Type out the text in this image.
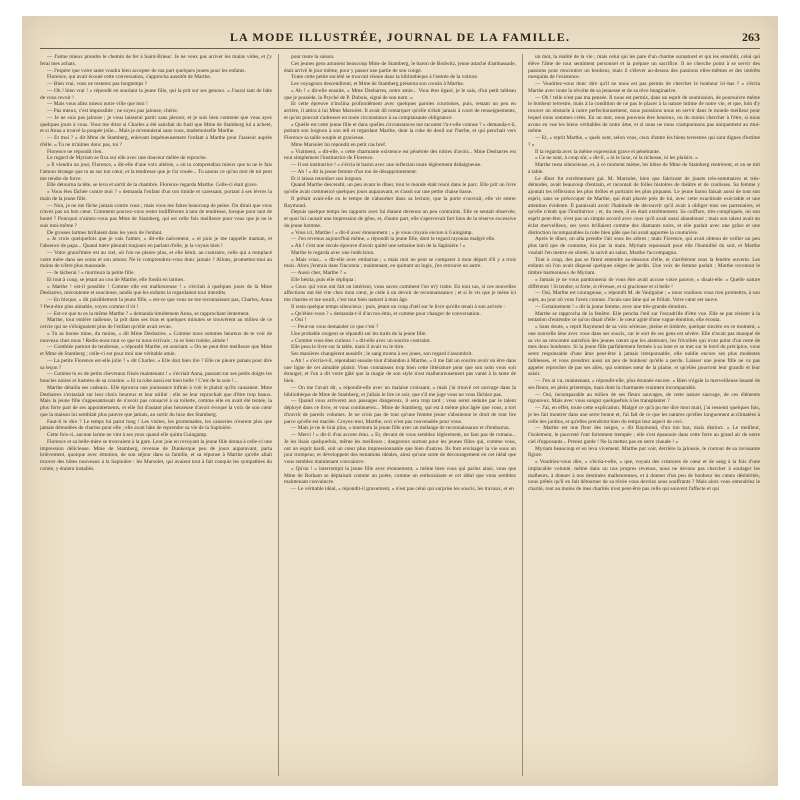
LA MODE ILLUSTRÉE, JOURNAL DE LA FAMILLE.	263

— J'aime mieux prendre le chemin de fer à Saint-Brieuc. Je ne veux pas arriver les mains vides, et j'y ferai mes achats.

— J'espère que votre tante voudra bien accepter de ma part quelques jouets pour les enfants.

Florence, qui avait écouté cette conversation, s'approcha aussitôt de Marthe.

— Bien vrai, vous ne resterez pas longtemps ?

— Oh ! bien vrai ! » répondit en souriant la jeune fille, qui la prit sur ses genoux. « J'aurai tant de hâte de vous revoir !

— Mais vous allez mieux notre ville que moi !

— Pas mieux, c'est impossible ; ne soyez pas jalouse, chérie.

— Je ne suis pas jalouse ; je vous laisserai partir sans pleurer, et je suis bien contente que vous ayez quelques jours à vous. Vous me direz si Charles a été satisfait du fusil que Mme de Stamberg lui a acheté, et si Anna a trouvé la poupée jolie... Mais je m'ennuierai sans vous, mademoiselle Marthe.

— Et moi ? » dit Mme de Stamberg, enlevant impétueusement l'enfant à Marthe pour l'asseoir auprès d'elle. « Tu ne m'aimes donc pas, toi ?

Florence ne répondit rien.

Le regard de Myriam se fixa sur elle avec une douceur mêlée de reproche.

« Il viendra un jour, Florence, » dit-elle d'une voix altérée, « où tu comprendras mieux que tu ne le fais l'amour étrange que tu as sur ton cœur, et la tendresse que je t'ai vouée... Tu sauras ce qu'un mot de toi peut me rendre de force.

Elle détourna la tête, se leva et sortit de la chambre. Florence regarda Marthe. Celle-ci était grave.

« Vous êtes fâchée contre moi ? » demanda l'enfant d'un ton timide et caressant, portant à ses lèvres la main de la jeune fille.

— Non, je ne me fâche jamais contre vous ; mais vous me faites beaucoup de peine. On dirait que vous n'avez pas un bon cœur. Comment pouvez-vous rester indifférente à tant de tendresse, lorsque pour tant de bonté ? Pourquoi n'aimez-vous pas Mme de Stamberg, qui est celle fois meilleure pour vous que je ne le suis moi-même ?

De grosses larmes brillaient dans les yeux de l'enfant.

« Je crois quelquefois que je vais l'aimer, » dit-elle naïvement, « et puis je me rappelle maman, et l'absence de papa... Quand mère pleurait toujours en parlant d'elle, je la voyais bien !

— Votre grand'mère est au ciel, où l'on ne pleure plus, et elle bénit, au contraire, celle qui a remplacé votre mère dans ses soins et son amour. Ne le comprendrez-vous donc jamais ? Allons, promettez-moi au moins de n'être plus maussade.

— Je tâcherai ! » murmura la petite fille.

Et tout à coup, se jetant au cou de Marthe, elle fondit en larmes.

« Marthe ! est-il possible ! Comme elle est malheureuse ! » s'écriait à quelques jours de là Mme Desbarres, mécontente et soucieuse, tandis que les enfants la regardaient tout interdits.

— En bloque, » dit paisiblement la jeune fille, « est-ce que vous ne me reconnaissez pas, Charles, Anna ? Peut-être plus aimable, voyez comme il rit !

— Est-ce que tu es la même Marthe ? » demanda timidement Anna, se rapprochant lentement.

Marthe, tout entière radieuse, la prit dans ses bras et quelques minutes se trouvèrent au milieu de ce cercle qui ne s'éloignaient plus de l'enfant qu'elle avait revue.

« Tu as bonne mine, du moins, » dit Mme Desbarres. « Comme nous sommes heureux de te voir de nouveau chez nous ! Redis-nous tout ce que tu nous écrivais ; tu es bien traitée, aimée !

— Comblée partout de tendresse, » répondit Marthe, en souriant. « On ne peut être meilleure que Mme et Mme de Stamberg ; celle-ci est pour moi une véritable amie.

— La petite Florence est-elle jolie ? » dit Charles. « Elle doit bien lire ? Elle ne pleure jamais pour dire sa leçon ?

— Comme tu es de petits chevreaux frisés maintenant ! » s'écriait Anna, passant sur ses petits doigts les boucles noires et lustrées de sa cousine. « Et ta robe aussi est bien belle ! C'est de la soie !...

Marthe détailla ses cadeaux. Elle éprouva une jouissance infinie à voir le plaisir qu'ils causaient. Mme Desbarres s'extasiait sur leur choix heureux et leur utilité ; elle ne leur reprochait que d'être trop beaux. Mais la jeune fille s'appesantissait de n'avoir pas consacré à sa toilette, comme elle en avait été tentée, la plus forte part de ses appointements, et elle fut d'autant plus heureuse d'avoir évoqué la voix de son cœur que la maison lui semblait plus pauvre que jamais, au sortir du luxe des Stamberg.

Faut-il le dire ? Le temps lui parut long ! Les visites, les promenades, les causeries n'eurent plus que jamais démodées de charme pour elle ; elle avait hâte de reprendre sa vie de la Sapinière.

Cette fois-ci, aucune larme ne vint à ses yeux quand elle quitta Guingamp.

Florence et sa belle-mère se trouvaient à la gare. Leur joie en revoyant la jeune fille donna à celle-ci une impression délicieuse. Mme de Stamberg, revenue de Dunkerque peu de jours auparavant, parla brièvement, quoique avec émotion, de son séjour dans sa famille, et sa réponse à Marthe qu'elle allait trouver des hôtes nouveaux à la Sapinière : les Marsolet, qui avaient tout à fait conquis les sympathies du comte, y étaient installés.

pour toute la saison.

Ces jeunes gens amusent beaucoup Mme de Stamberg, le baron de Bodwitz, jeune attaché d'ambassade, était arrivé le jour même, pour y passer une partie de son congé.

Toute cette petite société se trouvait réunie dans la bibliothèque à l'entrée de la voiture.

Les voyageurs descendirent, et Mme de Stamberg présenta son cousin à Marthe.

« Ah ! » dit-elle ensuite, « Mme Desbarres, notre amie... Vous êtes égaré, je le sais, d'un petit tableau que je possède, la Psyché de P. Dubois, signé de son nom. »

Et cette épreuve n'inclina profondément avec quelques paroles courtoises, puis, restant un peu en arrière, il attira à lui Mme Marsolet. Il avait dû remarquer qu'elle n'était jamais à court de renseignements, et qu'on pouvait s'adresser en toute circonstance à sa complaisante obligeance.

« Quelle est cette jeune fille et dans quelles circonstances me raconter l'a-t-elle connue ? » demanda-t-il, portant son lorgnon à son œil et regardant Marthe, dont la robe de deuil sur l'herbe, et qui penchait vers Florence sa taille souple et gracieuse.

Mme Marsolet lui répondit en petit cas bref.

« Vraiment, » dit-elle, « cette charmante existence est pénétrée des nôtres d'avoir... Mme Desbarres est tout simplement l'institutrice de Florence.

— Il est institutrice ! » s'écria le baron avec une inflexion toute légèrement dédaigneuse.

— Ah ! » dit la jeune femme d'un ton de désappointement.

Et il laissa retomber son lorgnon.

Quand Marthe descendit, un peu avant le dîner, tout le monde était réuni dans le parc. Elle prit un livre qu'elle avait commencé quelques jours auparavant, et s'assit sur une petite chaise basse.

Il prêtait avait-elle eu le temps de s'absorber dans sa lecture, que la porte s'ouvrait, elle vit entrer Raymond.

Depuis quelque temps les rapports avec lui étaient devenus un peu contraints. Elle se sentait observée, et quoi lui causait une impression de gêne, et, d'autre part, elle s'apercevait fort bien de la réserve excessive du jeune homme.

« Vous ici, Marthe ! » dit-il avec étonnement ; « je vous croyais encore à Guingamp.

— J'en revenus aujourd'hui même, » répondit la jeune fille, dont le regard rayonna malgré elle.

« Ah ! c'est une recule épreuve d'avoir quitté une semaine loin de la Sapinière ! »

Marthe le regarda avec une indécision.

« Mais vous... » dit-elle avec embarras ; « mais moi ne peut se comparer à mon départ d'il y a trois mois. Alors j'entrais dans l'inconnu ; maintenant, en quittant un logis, j'en retrouve un autre.

— Aussi cher, Marthe ? »

Elle hésita, puis elle répliqua :

« Ceux qui vous ont fait un intérieur, vous savez comment l'on m'y traite. En tout cas, si ces nouvelles affections ont été vite chez mon cœur, je cède à un devoir de reconnaissance ; et si le vis que je mène ici me charme et me sourit, c'est tout bien naturel à mon âge.

Il resta quelque temps silencieux ; puis, jetant un coup d'œil sur le livre qu'elle tenait à son arrivée :

« Qu'étiez-vous ? » demanda-t-il d'un ton ému, et comme pour changer de conversation.

« Oui !

— Peut-on vous demander ce que c'est ?

Une probable rougeur se répandit sur les traits de la jeune fille.

« Comme vous êtes curieux ! » dit-elle avec un sourire contraint.

Elle pesa le livre sur la table, mais il avait vu le titre.

Ses manières changèrent aussitôt ; le sang monta à ses joues, son regard s'assombrit.

« Ah ! » s'écria-t-il, répondant ensuite tout d'abandon à Marthe, « il me fait un sourire avoir un être dans une ligne de cet aimable plaisir. Vous connaissez trop bien cette littérature pour que son nom vous soit étranger, et l'on a dit votre gâté que la magie de son style n'est malheureusement pas vanté à la tante de bien.

— On me l'avait dit, » répondit-elle avec un malaise croissant, « mais j'ai trouvé cet ouvrage dans la bibliothèque de Mme de Stamberg, et j'allais le lire ce soir, que s'il me juge vous ne vous fâchiez pas.

— Quand vous arriverez aux passages dangereux, il sera trop tard ; vous serez séduite par le talent déployé dans ce livre, et vous continuerez... Mme de Stamberg, qui est à même plus âgée que vous, a tort d'ouvrir de pareils volumes. Je ne crois pas de tout qu'une femme jeune s'abstienne le droit de tout lire parce qu'elle est mariée. Croyez-moi, Marthe, ceci n'est pas convenable pour vous.

— Mais je ne le lirai plus, » murmura la jeune fille avec un mélange de reconnaissance et d'embarras.

— Merci ! » dit-il d'un accent ému. « Et, devant de vous semblez légèrement, ne faut pas de romans... Je les lisais quelquefois, même les meilleurs ; dangereux surtout pour les jeunes filles qui, comme vous, ont un esprit hardi, soit un cœur plus impressionnable que bien d'autres. Ils font envisager la vie sous un jour trompeur, et développent des tentations idéales, ainsi qu'une sorte de découragement en cet idéal que vous semblez maintenant convaincre.

« Qu'on ! » interrompit la jeune fille avec étonnement, « même bien vous qui parlez ainsi, vous que Mme de Rotham se déplaisait comme un poète, comme un enthousiaste et cet idéal que vous semblez maintenant convaincre.

— Le véritable idéal, » répondit-il gravement, « n'est pas celui qui surprise les soucis, les travaux, et en

un mot, la réalité de la vie ; mais celui qui les pare d'un charme surnaturel et qui les ennoblit, celui qui élève l'âme de tout sentiment personnel et la prépare un sacrifice. Il ne cherche point à se servir des passions pour rencontrer un bonheur, mais il s'élever au-dessus des passions elles-mêmes et des intérêts mesquins de l'existence.

— Voudriez-vous donc dire qu'il ne nous est pas permis de chercher le bonheur ici-bas ? » s'écria Marthe avec toute la révolte de sa jeunesse et de sa rêve imaginative.

— Oh ! telle n'est pas ma pensée. Il nous est permis, dans un esprit de soumission, de poursuivre même le bonheur terrestre, mais à la condition de ne pas le placer à la nature intime de notre vie, et que, loin d'y trouver un obstacle à notre perfectionnement, nous puissions nous en servir dans le monde meilleur pour lequel nous sommes créés. En un mot, nous pouvons être heureux, ou du moins chercher à l'être, si nous avons en vue les biens véritables de notre âme, et si nous ne nous cramponnons pas uniquement au moi-même.

— Et, » reprit Marthe, « quels sont, selon vous, ceux d'entre les biens terrestres qui sont dignes d'estime ? »

Il la regarda avec la même expression grave et pénétrante.

« Ce ne sont, à coup sûr, » dit-il, « ni le luxe, ni la richesse, ni les plaisirs. »

Marthe resta silencieuse, et, à ce moment même, les hôtes de Mme de Stamberg rentrèrent, et on se mit à table.

Le dîner fut extrêmement gai. M. Marsolet, bien que fabricant de jouets très-sommaires et très-démodés, avait beaucoup d'entrain, et racontait de folles histoires de théâtre et de coulisses. Sa femme y ajoutait les réflexions les plus drôles et portraits les plus piquants. Le jeune baron faisait aussi de tout son esprit, sans se préoccuper de Marthe, qui était placée près de lui, avec cette exactitude exécrable et une attention évidente. Il paraissait avoir l'habitude de découvrir qu'il avait à obliger tous ses partenaires, et qu'elle n'était que l'institutrice ; et, du reste, il en était extrêmement. Sa coiffure, très-compliquée, où son esprit peut-être, n'est pas un simple accord avec ceux qu'il avait aussi abandonné ; mais son talent avait un éclat merveilleux, ses yeux brillaient comme des diamants noirs, et elle parlait avec une grâce et une distinction incomparables la robe bleu pâle que lui avait apportée la couturière.

Après le dîner, on alla prendre l'air sous les arbres ; mais Florence, qui avait obtenu de veiller un peu plus tard que de coutume, tira par la main. Myriam repoussait pour elle l'humidité du soir, et Marthe voulait l'en mettre en sûreté, la suivit au salon, Marthe l'accompagna.

Tout à coup, des pas se firent entendre au-dessous d'elle, et s'arrêtèrent sous la fenêtre ouverte. Les enfants où l'on avait disposé quelques sièges de jardin. Une voix de femme parlait ; Marthe reconnut le timbre harmonieux de Myriam.

« Jamais je ne vous pardonnerai de vous être avait accuse votre pauvre, » disait-elle. « Quelle nature différente ! Si tendre, si forte, si rêveuse, et si gracieuse et si belle !

— Oui, Marthe est courageuse, » répondit M. de Vaulgaine ; « nous voulions vous rien promettre, à son sujet, au jour où vous l'avez connue. J'avais une âme qui se frôlait. Votre cœur est sauve.

— Certainement ! » dit la jeune femme, avec une très-grande émotion.

Marthe se rapprocha de la fenêtre. Elle pencha l'œil sur l'escadrille d'être vue. Elle se put résister à la tentation d'entendre ce qu'on disait d'elle : le cœur agité d'une vague émotion, elle écouta.

« Sans doute, » reprit Raymond de sa voix sérieuse, pleine et timbrée, quelque sincère en ce moment, « une nouvelle âme avec vous dans ses soucis, car le sort de ses gens est sévère. Elle n'avait pas manqué de sa vie au rencontre autrefois des jeunes cœurs que les alentours, les frivolités qui n'ont point d'un reste de mes doux bonheurs. Si la jeune fille parfaitement fermée à sa lune et se met sur le bord du précipice, vous serez responsable d'une âme peut-être à jamais irresponsable, elle oublie encore ses plus modestes faiblesses, et vous prendrez aussi un peu de bonheur qu'elle a perdu. Laisser une jeune fille ne va pas appeler reprocher de pas ses ailes, qui sommes sœur de la plaine, et qu'elles pourront leur grandir et leur saisir.

— J'en ai vu, maintenant, » répondit-elle, plus étonnée encore. « Rien n'égale la merveilleuse beauté de ses fleurs, en plein printemps, mais dont la charmante vraiment incomparable.

— Oui, incomparable au milieu de ses fleurs sauvages, de cette nature sauvage, de ces éléments rigoureux. Mais avec vous songez quelquefois à les transplanter ?

— J'ai, en effet, toute cette explication. Malgré ce qu'à pu me dire mon mari, j'ai ressenti quelques fois, je les fait montrer dans une serre bonne et, l'ai fait de ce que les natures qu'elles longuement acclimatées à celle des jardins, et qu'elles prendront bien du temps leur aspect de ceci.

— Marthe est une fleur des neiges, » dit Raymond, d'un ton bas, mais distinct. « Le meilleur, l'isolement, le pauvreté l'ont fortement trempée ; elle s'est épanouie dans cette forte au grand air de notre ciel d'opposants... Prenez garde ! Ne la mettez pas en serre chaude ! »

Myriam beaucoup et en leva vivement. Marthe put voir, derrière la jalousie, le contour de sa ravissante figure.

« Voudriez-vous dire, » s'écria-t-elle, « que, voyant des créatures de cœur et de sang à la fois d'une implacable volonté, même dans un nos propres revenus, nous ne devons pas chercher à soulager les malheurs, à donner à nos destinées malheureuses, et à donner d'un peu de bonheur les cœurs déshérités, nous prêtés qu'il en fait détourner de sa rêvée vous devriez sous souffrants ? Mais alors vous entendriez le charité, tout au moins de mes charités n'est peut-être pas celle qui souvent l'affecte et qui
